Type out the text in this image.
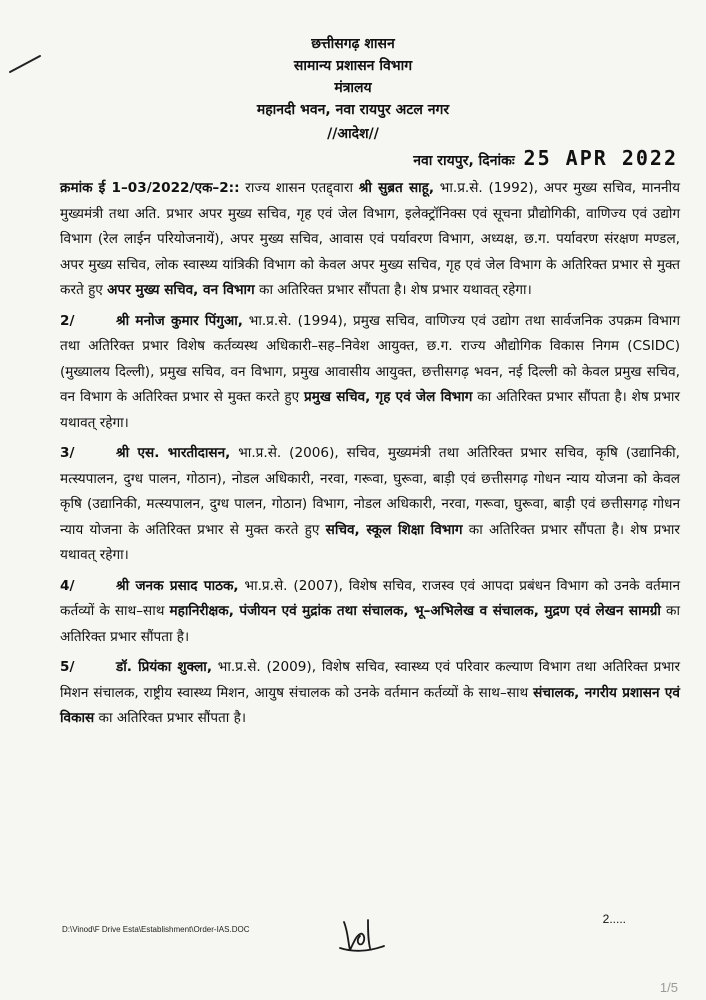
छत्तीसगढ़ शासन
सामान्य प्रशासन विभाग
मंत्रालय
महानदी भवन, नवा रायपुर अटल नगर
//आदेश//
नवा रायपुर, दिनांकः 25 APR 2022

क्रमांक ई 1–03/2022/एक–2:: राज्य शासन एतद्द्वारा श्री सुब्रत साहू, भा.प्र.से. (1992), अपर मुख्य सचिव, माननीय मुख्यमंत्री तथा अति. प्रभार अपर मुख्य सचिव, गृह एवं जेल विभाग, इलेक्ट्रॉनिक्स एवं सूचना प्रौद्योगिकी, वाणिज्य एवं उद्योग विभाग (रेल लाईन परियोजनायें), अपर मुख्य सचिव, आवास एवं पर्यावरण विभाग, अध्यक्ष, छ.ग. पर्यावरण संरक्षण मण्डल, अपर मुख्य सचिव, लोक स्वास्थ्य यांत्रिकी विभाग को केवल अपर मुख्य सचिव, गृह एवं जेल विभाग के अतिरिक्त प्रभार से मुक्त करते हुए अपर मुख्य सचिव, वन विभाग का अतिरिक्त प्रभार सौंपता है। शेष प्रभार यथावत् रहेगा।

2/	श्री मनोज कुमार पिंगुआ, भा.प्र.से. (1994), प्रमुख सचिव, वाणिज्य एवं उद्योग तथा सार्वजनिक उपक्रम विभाग तथा अतिरिक्त प्रभार विशेष कर्तव्यस्थ अधिकारी–सह–निवेश आयुक्त, छ.ग. राज्य औद्योगिक विकास निगम (CSIDC) (मुख्यालय दिल्ली), प्रमुख सचिव, वन विभाग, प्रमुख आवासीय आयुक्त, छत्तीसगढ़ भवन, नई दिल्ली को केवल प्रमुख सचिव, वन विभाग के अतिरिक्त प्रभार से मुक्त करते हुए प्रमुख सचिव, गृह एवं जेल विभाग का अतिरिक्त प्रभार सौंपता है। शेष प्रभार यथावत् रहेगा।

3/	श्री एस. भारतीदासन, भा.प्र.से. (2006), सचिव, मुख्यमंत्री तथा अतिरिक्त प्रभार सचिव, कृषि (उद्यानिकी, मत्स्यपालन, दुग्ध पालन, गोठान), नोडल अधिकारी, नरवा, गरूवा, घुरूवा, बाड़ी एवं छत्तीसगढ़ गोधन न्याय योजना को केवल कृषि (उद्यानिकी, मत्स्यपालन, दुग्ध पालन, गोठान) विभाग, नोडल अधिकारी, नरवा, गरूवा, घुरूवा, बाड़ी एवं छत्तीसगढ़ गोधन न्याय योजना के अतिरिक्त प्रभार से मुक्त करते हुए सचिव, स्कूल शिक्षा विभाग का अतिरिक्त प्रभार सौंपता है। शेष प्रभार यथावत् रहेगा।

4/	श्री जनक प्रसाद पाठक, भा.प्र.से. (2007), विशेष सचिव, राजस्व एवं आपदा प्रबंधन विभाग को उनके वर्तमान कर्तव्यों के साथ–साथ महानिरीक्षक, पंजीयन एवं मुद्रांक तथा संचालक, भू–अभिलेख व संचालक, मुद्रण एवं लेखन सामग्री का अतिरिक्त प्रभार सौंपता है।

5/	डॉ. प्रियंका शुक्ला, भा.प्र.से. (2009), विशेष सचिव, स्वास्थ्य एवं परिवार कल्याण विभाग तथा अतिरिक्त प्रभार मिशन संचालक, राष्ट्रीय स्वास्थ्य मिशन, आयुष संचालक को उनके वर्तमान कर्तव्यों के साथ–साथ संचालक, नगरीय प्रशासन एवं विकास का अतिरिक्त प्रभार सौंपता है।

D:\Vinod\F Drive Esta\Establishment\Order-IAS.DOC
2.....
1/5
